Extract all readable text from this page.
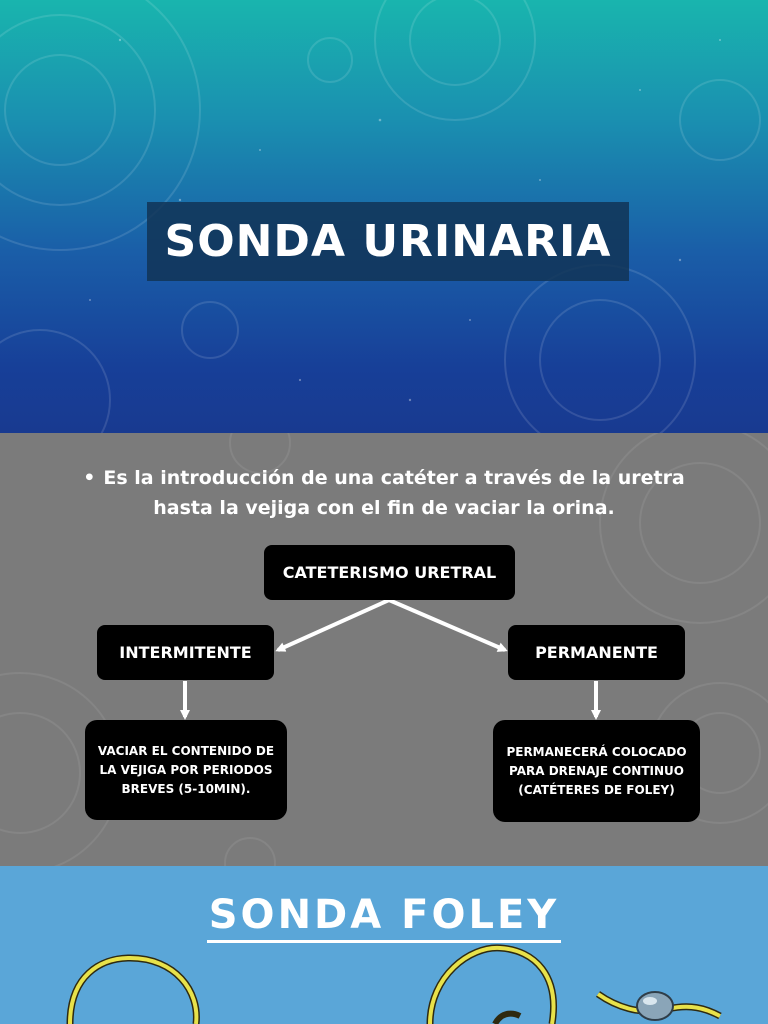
SONDA URINARIA
• Es la introducción de una catéter a través de la uretra hasta la vejiga con el fin de vaciar la orina.
CATETERISMO URETRAL
INTERMITENTE	PERMANENTE
VACIAR EL CONTENIDO DE
LA VEJIGA POR PERIODOS
BREVES (5-10MIN).
PERMANECERÁ COLOCADO
PARA DRENAJE CONTINUO
(CATÉTERES DE FOLEY)
SONDA FOLEY
